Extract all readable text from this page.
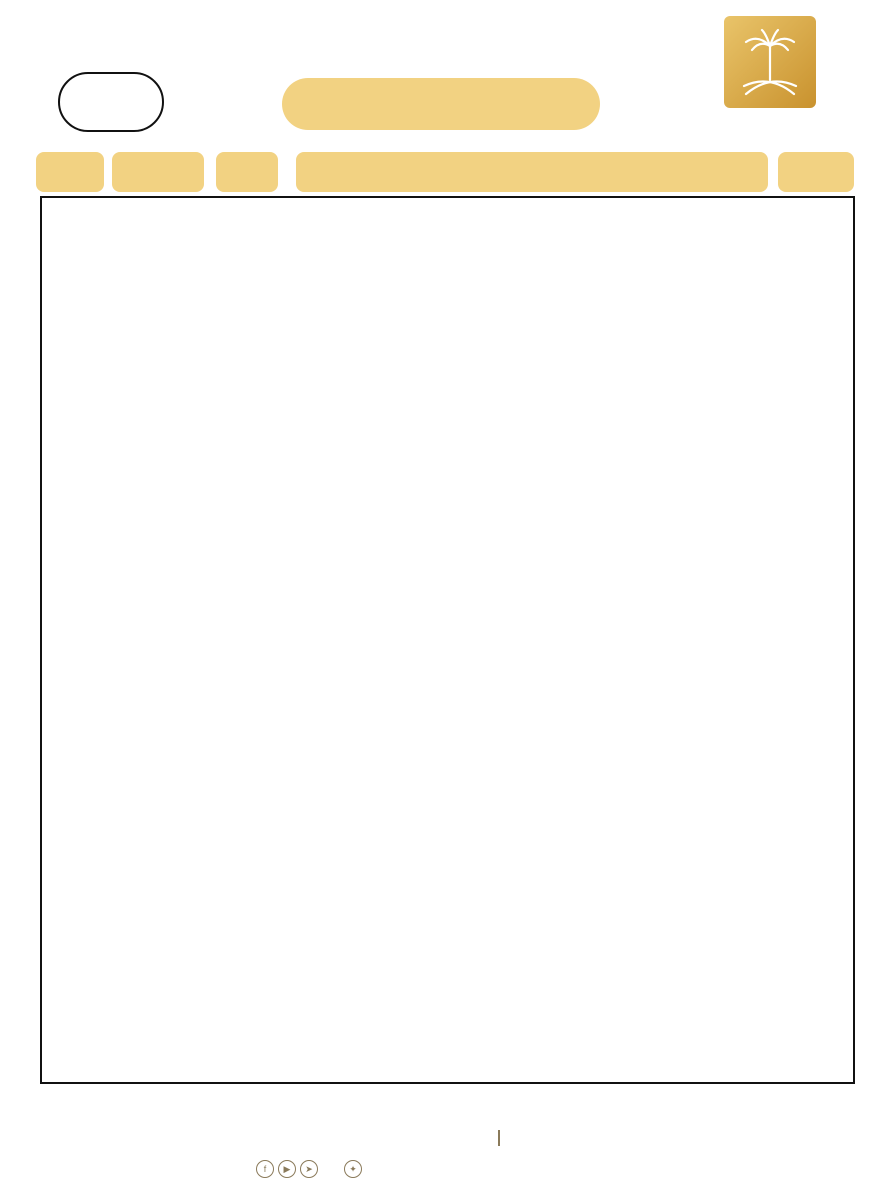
f	▶	➤	✦
